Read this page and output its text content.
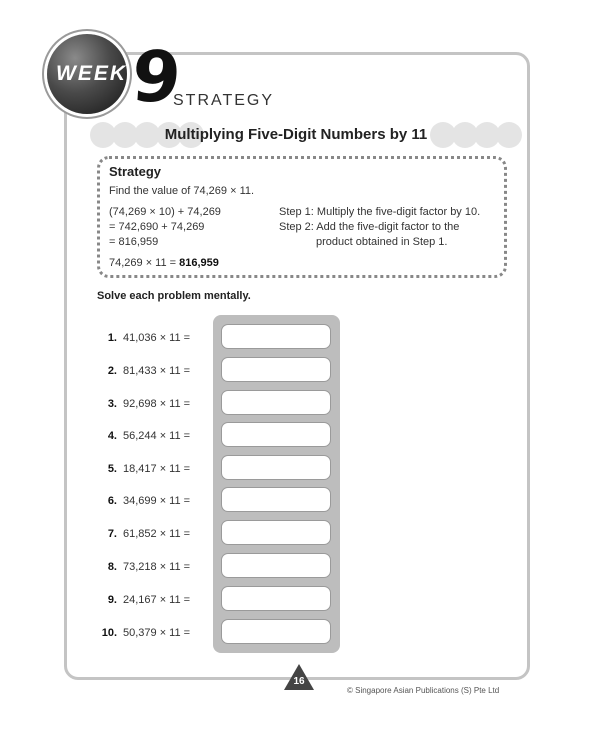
WEEK 9
STRATEGY
Multiplying Five-Digit Numbers by 11
Strategy
Find the value of 74,269 × 11.
(74,269 × 10) + 74,269
= 742,690 + 74,269
= 816,959
Step 1: Multiply the five-digit factor by 10.
Step 2: Add the five-digit factor to the
product obtained in Step 1.
74,269 × 11 = 816,959
Solve each problem mentally.
1. 41,036 × 11 =
2. 81,433 × 11 =
3. 92,698 × 11 =
4. 56,244 × 11 =
5. 18,417 × 11 =
6. 34,699 × 11 =
7. 61,852 × 11 =
8. 73,218 × 11 =
9. 24,167 × 11 =
10. 50,379 × 11 =
16
© Singapore Asian Publications (S) Pte Ltd
